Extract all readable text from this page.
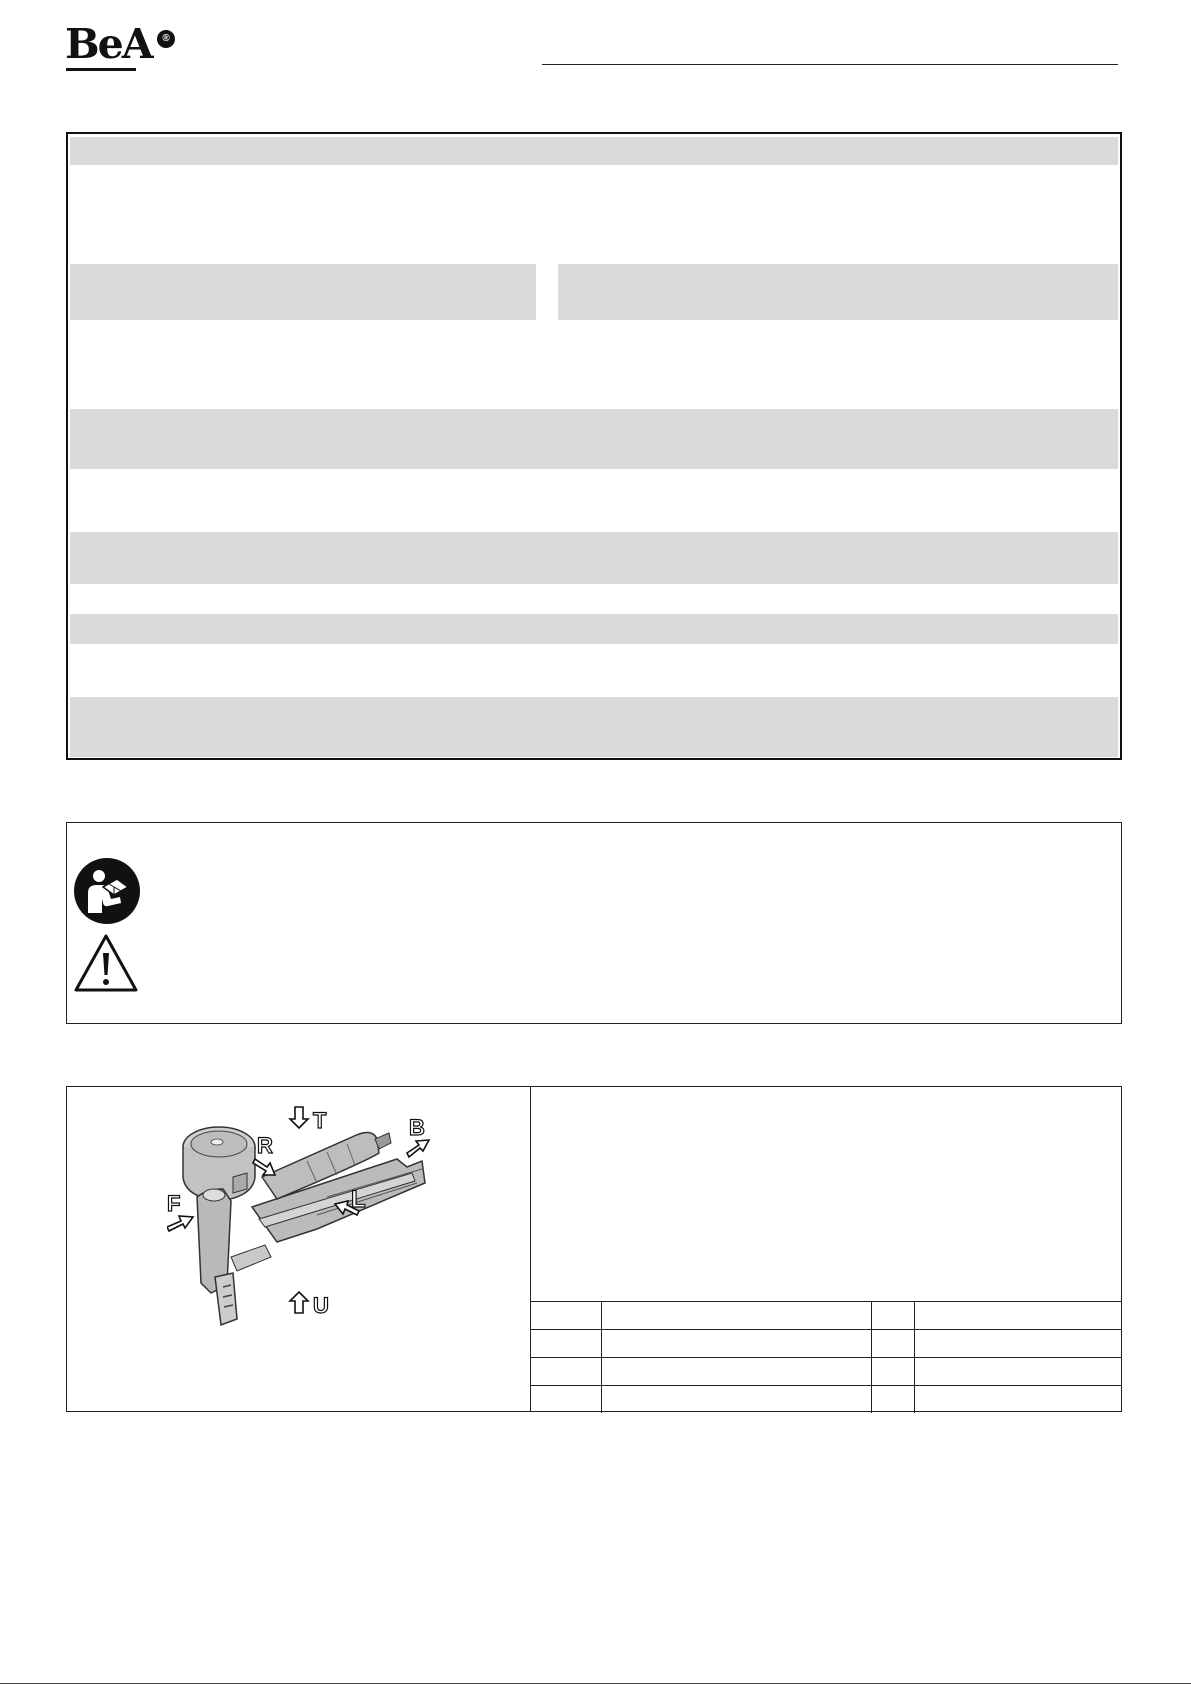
BeA	®
T	B
R
F	L
U
